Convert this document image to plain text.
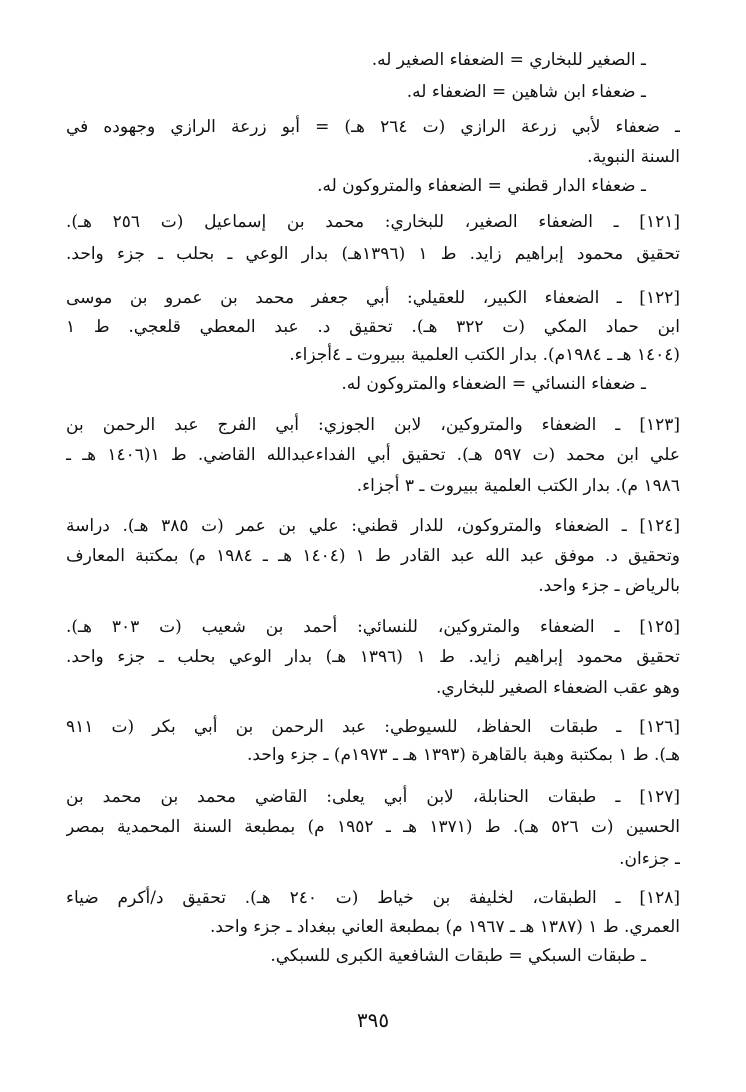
ـ الصغير للبخاري = الضعفاء الصغير له.
ـ ضعفاء ابن شاهين = الضعفاء له.
ـ ضعفاء لأبي زرعة الرازي (ت ٢٦٤ هـ) = أبو زرعة الرازي وجهوده في
السنة النبوية.
ـ ضعفاء الدار قطني = الضعفاء والمتروكون له.
[١٢١] ـ الضعفاء الصغير، للبخاري: محمد بن إسماعيل (ت ٢٥٦ هـ).
تحقيق محمود إبراهيم زايد. ط ١ (١٣٩٦هـ) بدار الوعي ـ بحلب ـ جزء واحد.
[١٢٢] ـ الضعفاء الكبير، للعقيلي: أبي جعفر محمد بن عمرو بن موسى
ابن حماد المكي (ت ٣٢٢ هـ). تحقيق د. عبد المعطي قلعجي. ط ١
(١٤٠٤ هـ ـ ١٩٨٤م). بدار الكتب العلمية ببيروت ـ ٤أجزاء.
ـ ضعفاء النسائي = الضعفاء والمتروكون له.
[١٢٣] ـ الضعفاء والمتروكين، لابن الجوزي: أبي الفرج عبد الرحمن بن
علي ابن محمد (ت ٥٩٧ هـ). تحقيق أبي الفداءعبدالله القاضي. ط ١(١٤٠٦ هـ ـ
١٩٨٦ م). بدار الكتب العلمية ببيروت ـ ٣ أجزاء.
[١٢٤] ـ الضعفاء والمتروكون، للدار قطني: علي بن عمر (ت ٣٨٥ هـ). دراسة
وتحقيق د. موفق عبد الله عبد القادر ط ١ (١٤٠٤ هـ ـ ١٩٨٤ م) بمكتبة المعارف
بالرياض ـ جزء واحد.
[١٢٥] ـ الضعفاء والمتروكين، للنسائي: أحمد بن شعيب (ت ٣٠٣ هـ).
تحقيق محمود إبراهيم زايد. ط ١ (١٣٩٦ هـ) بدار الوعي بحلب ـ جزء واحد.
وهو عقب الضعفاء الصغير للبخاري.
[١٢٦] ـ طبقات الحفاظ، للسيوطي: عبد الرحمن بن أبي بكر (ت ٩١١
هـ). ط ١ بمكتبة وهبة بالقاهرة (١٣٩٣ هـ ـ ١٩٧٣م) ـ جزء واحد.
[١٢٧] ـ طبقات الحنابلة، لابن أبي يعلى: القاضي محمد بن محمد بن
الحسين (ت ٥٢٦ هـ). ط (١٣٧١ هـ ـ ١٩٥٢ م) بمطبعة السنة المحمدية بمصر
ـ جزءان.
[١٢٨] ـ الطبقات، لخليفة بن خياط (ت ٢٤٠ هـ). تحقيق د/أكرم ضياء
العمري. ط ١ (١٣٨٧ هـ ـ ١٩٦٧ م) بمطبعة العاني ببغداد ـ جزء واحد.
ـ طبقات السبكي = طبقات الشافعية الكبرى للسبكي.
٣٩٥
